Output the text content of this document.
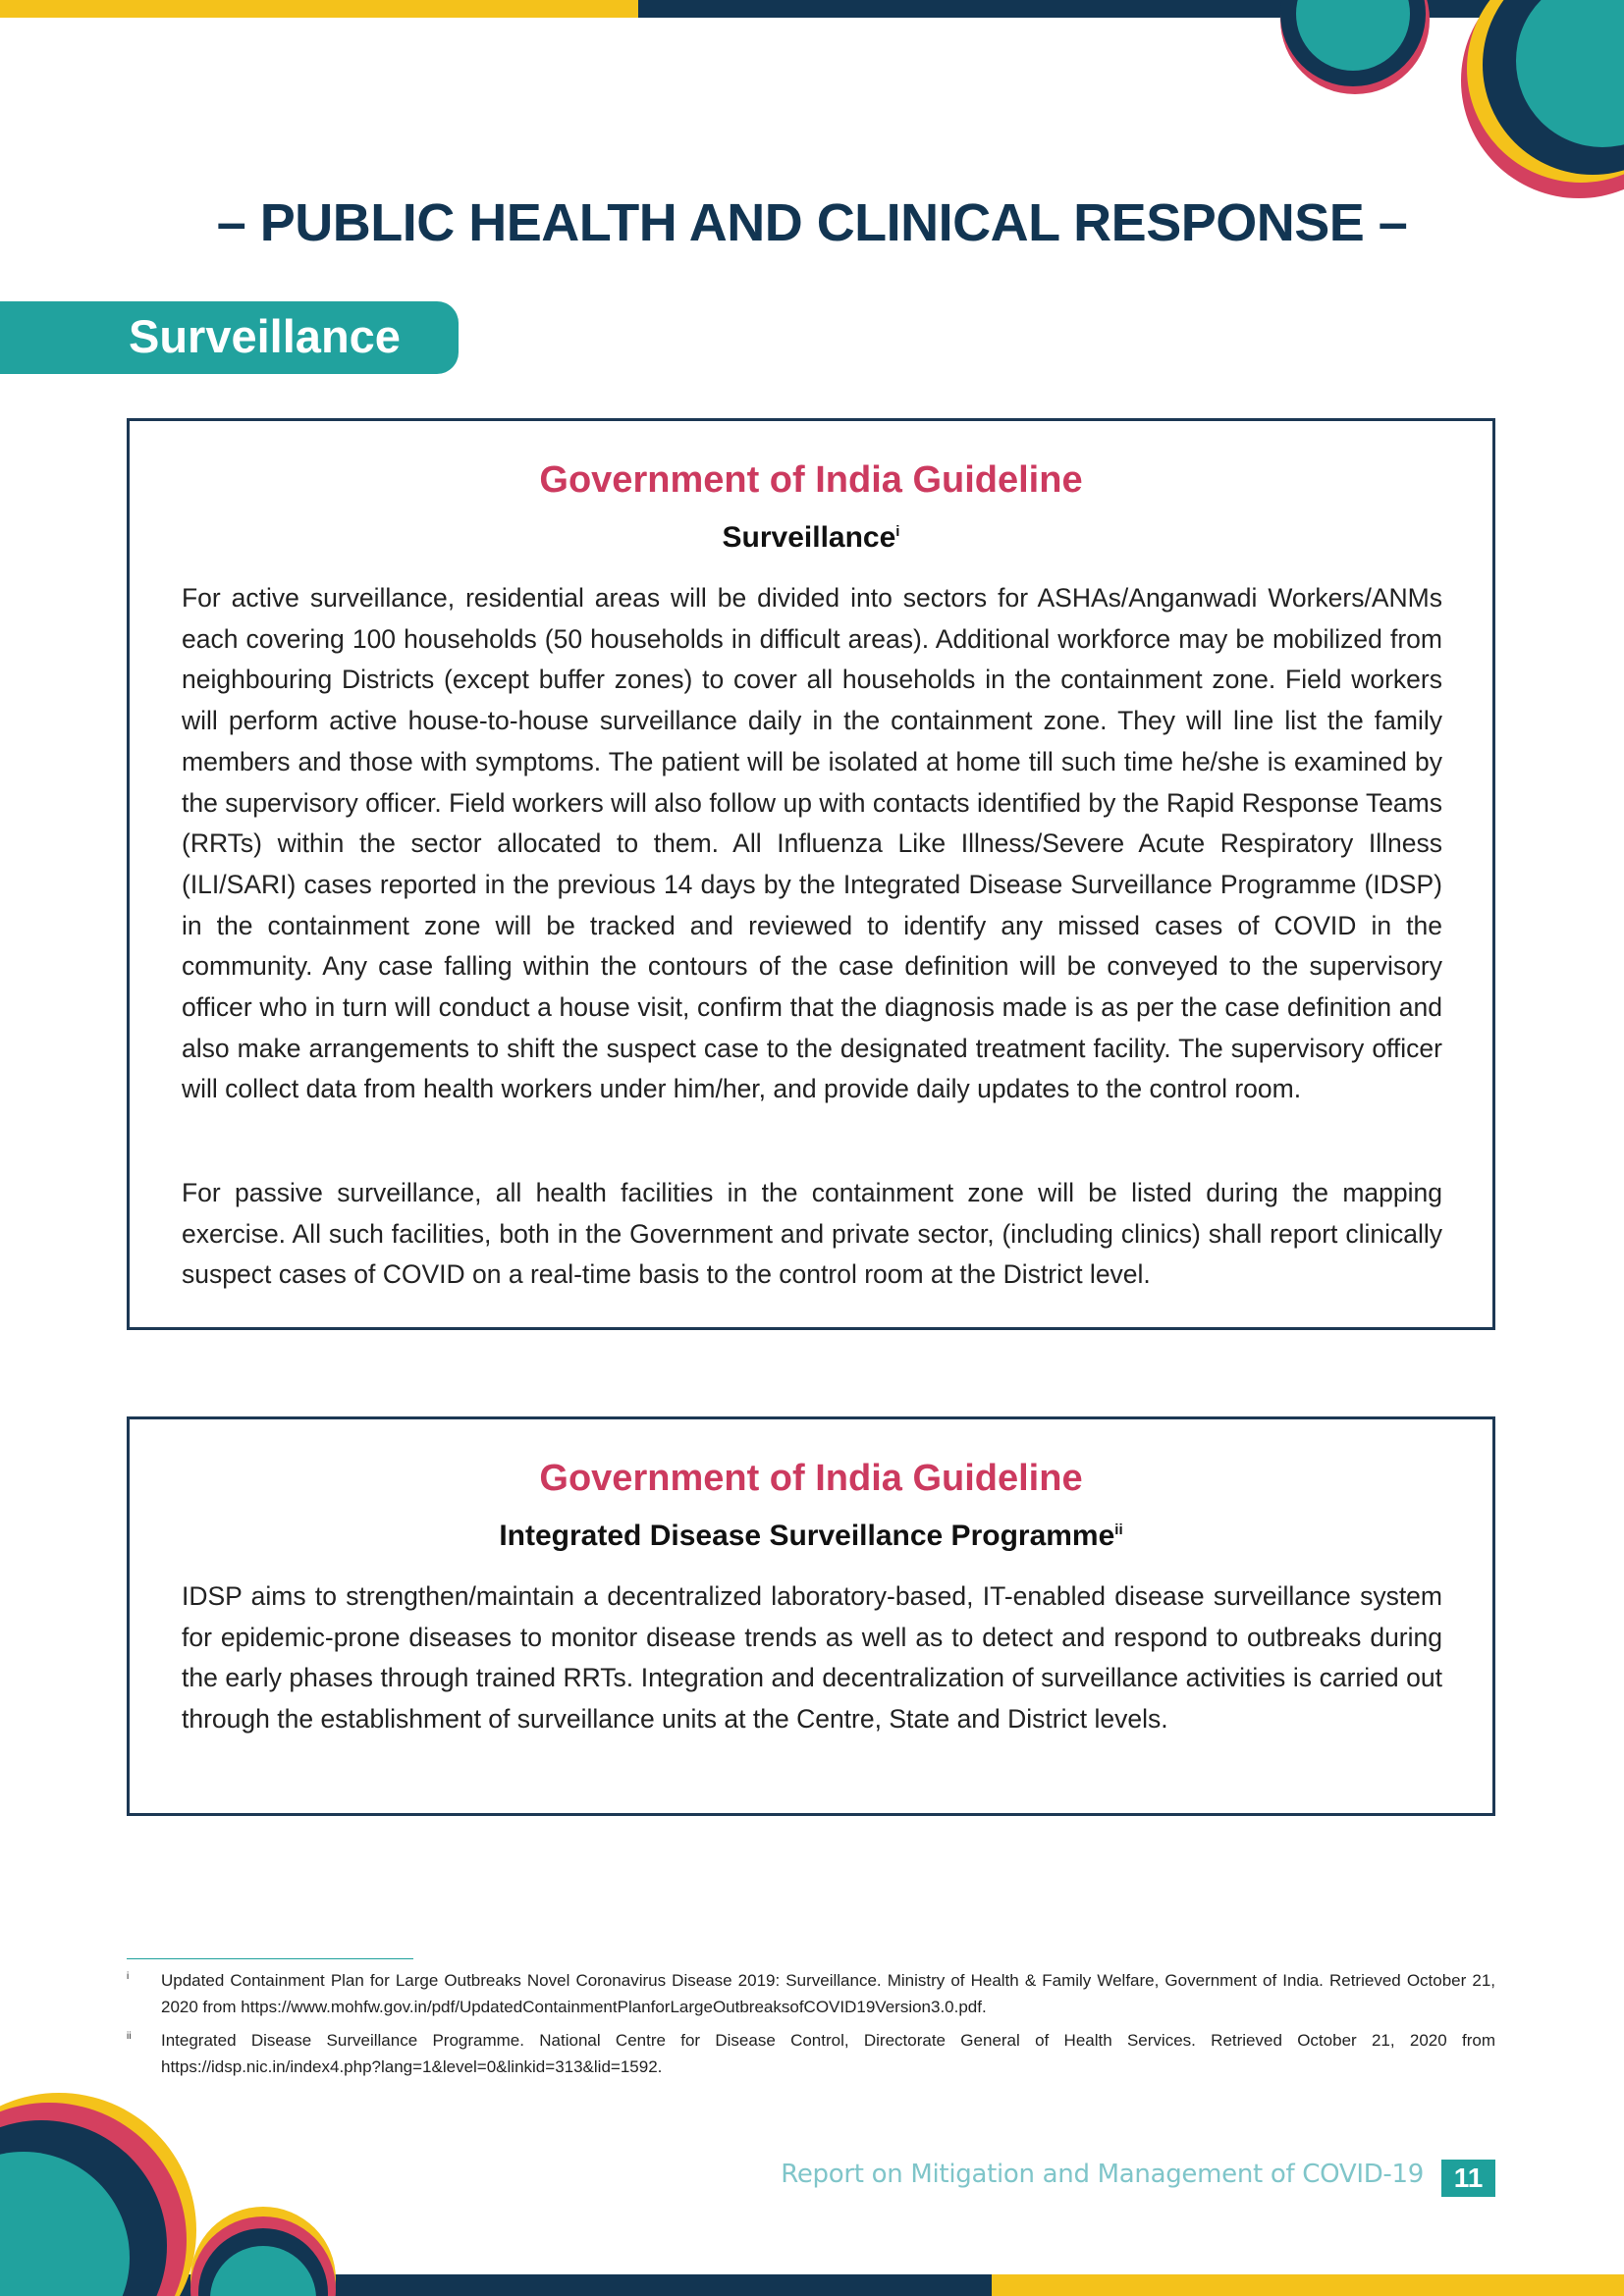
– PUBLIC HEALTH AND CLINICAL RESPONSE –
Surveillance
Government of India Guideline
Surveillance$^i$

For active surveillance, residential areas will be divided into sectors for ASHAs/Anganwadi Workers/ANMs each covering 100 households (50 households in difficult areas). Additional workforce may be mobilized from neighbouring Districts (except buffer zones) to cover all households in the containment zone. Field workers will perform active house-to-house surveillance daily in the containment zone. They will line list the family members and those with symptoms. The patient will be isolated at home till such time he/she is examined by the supervisory officer. Field workers will also follow up with contacts identified by the Rapid Response Teams (RRTs) within the sector allocated to them. All Influenza Like Illness/Severe Acute Respiratory Illness (ILI/SARI) cases reported in the previous 14 days by the Integrated Disease Surveillance Programme (IDSP) in the containment zone will be tracked and reviewed to identify any missed cases of COVID in the community. Any case falling within the contours of the case definition will be conveyed to the supervisory officer who in turn will conduct a house visit, confirm that the diagnosis made is as per the case definition and also make arrangements to shift the suspect case to the designated treatment facility. The supervisory officer will collect data from health workers under him/her, and provide daily updates to the control room.

For passive surveillance, all health facilities in the containment zone will be listed during the mapping exercise. All such facilities, both in the Government and private sector, (including clinics) shall report clinically suspect cases of COVID on a real-time basis to the control room at the District level.

Government of India Guideline
Integrated Disease Surveillance Programme$^{ii}$

IDSP aims to strengthen/maintain a decentralized laboratory-based, IT-enabled disease surveillance system for epidemic-prone diseases to monitor disease trends as well as to detect and respond to outbreaks during the early phases through trained RRTs. Integration and decentralization of surveillance activities is carried out through the establishment of surveillance units at the Centre, State and District levels.

i Updated Containment Plan for Large Outbreaks Novel Coronavirus Disease 2019: Surveillance. Ministry of Health & Family Welfare, Government of India. Retrieved October 21, 2020 from https://www.mohfw.gov.in/pdf/UpdatedContainmentPlanforLargeOutbreaksofCOVID19Version3.0.pdf.
ii Integrated Disease Surveillance Programme. National Centre for Disease Control, Directorate General of Health Services. Retrieved October 21, 2020 from https://idsp.nic.in/index4.php?lang=1&level=0&linkid=313&lid=1592.
Report on Mitigation and Management of COVID-19	11
